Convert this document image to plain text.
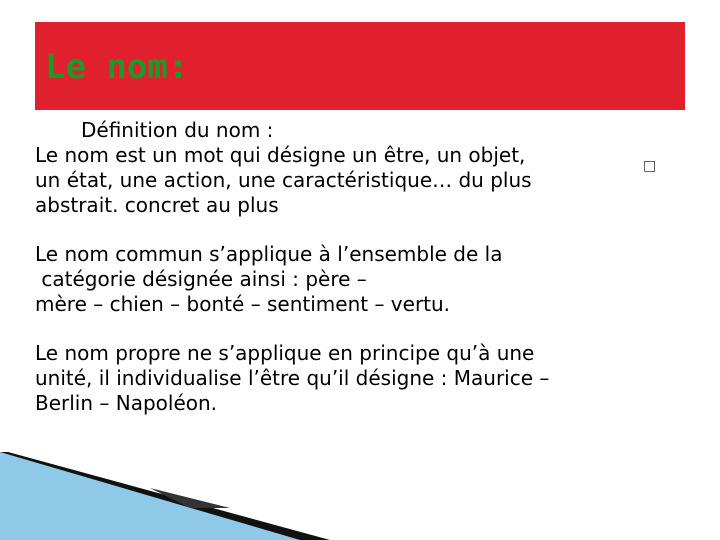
Le nom:
Définition du nom :
Le nom est un mot qui désigne un être, un objet,
un état, une action, une caractéristique… du plus
abstrait. concret au plus
Le nom commun s’applique à l’ensemble de la
catégorie désignée ainsi : père –
mère – chien – bonté – sentiment – vertu.
Le nom propre ne s’applique en principe qu’à une
unité, il individualise l’être qu’il désigne : Maurice –
Berlin – Napoléon.
□
